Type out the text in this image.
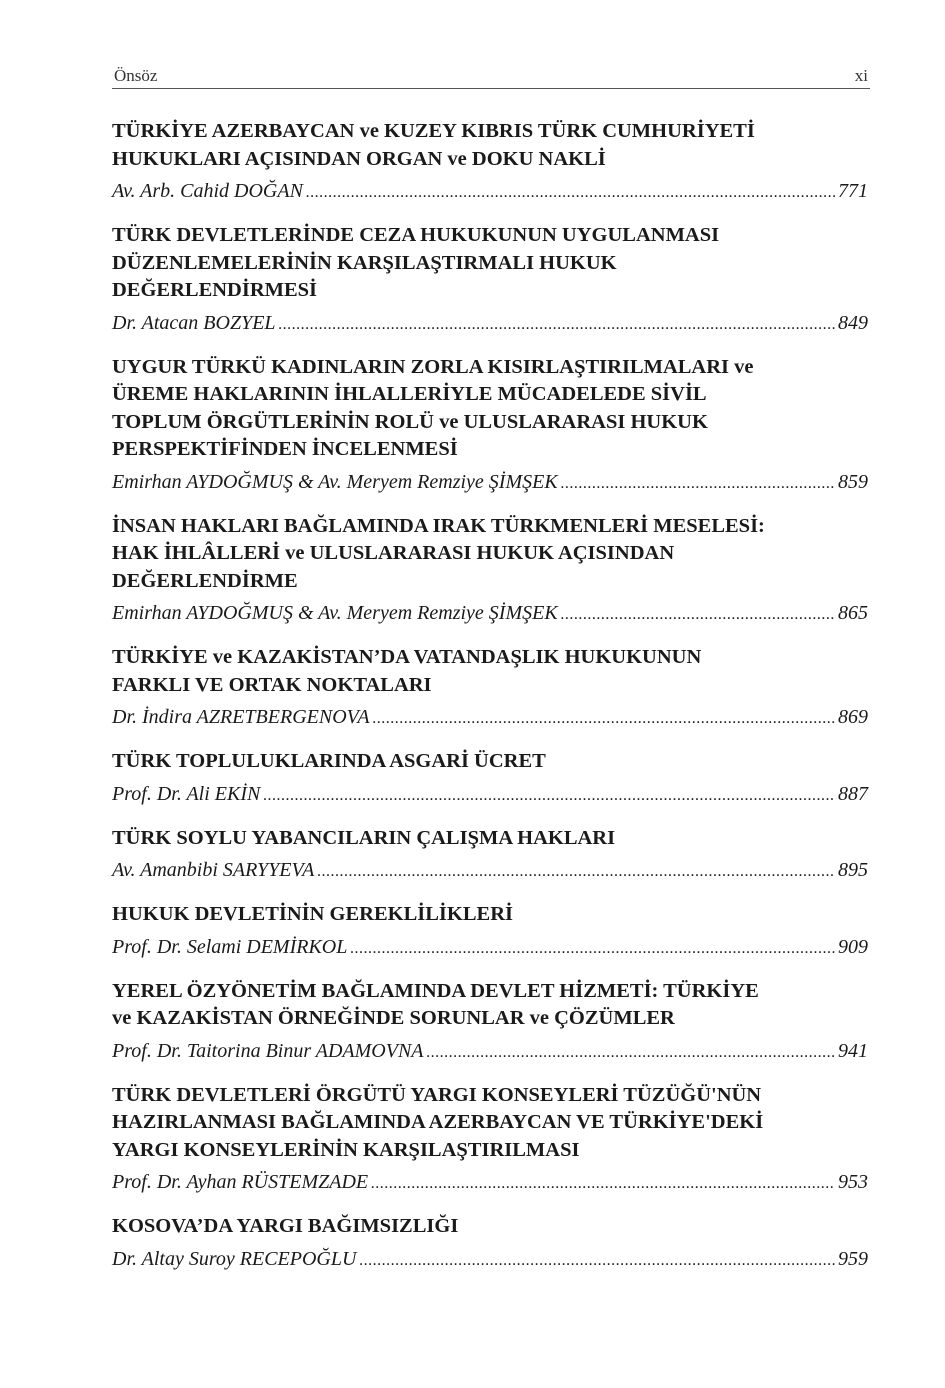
Önsöz	xi
TÜRKİYE AZERBAYCAN ve KUZEY KIBRIS TÜRK CUMHURİYETİ
HUKUKLARI AÇISINDAN ORGAN ve DOKU NAKLİ
Av. Arb. Cahid DOĞAN .....	771
TÜRK DEVLETLERİNDE CEZA HUKUKUNUN UYGULANMASI
DÜZENLEMELERİNİN KARŞILAŞTIRMALI HUKUK
DEĞERLENDİRMESİ
Dr. Atacan BOZYEL .....	849
UYGUR TÜRKÜ KADINLARIN ZORLA KISIRLAŞTIRILMALARI ve
ÜREME HAKLARININ İHLALLERİYLE MÜCADELEDE SİVİL
TOPLUM ÖRGÜTLERİNİN ROLÜ ve ULUSLARARASI HUKUK
PERSPEKTİFİNDEN İNCELENMESİ
Emirhan AYDOĞMUŞ & Av. Meryem Remziye ŞİMŞEK .....	859
İNSAN HAKLARI BAĞLAMINDA IRAK TÜRKMENLERİ MESELESİ:
HAK İHLÂLLERİ ve ULUSLARARASI HUKUK AÇISINDAN
DEĞERLENDİRME
Emirhan AYDOĞMUŞ & Av. Meryem Remziye ŞİMŞEK .....	865
TÜRKİYE ve KAZAKİSTAN’DA VATANDAŞLIK HUKUKUNUN
FARKLI VE ORTAK NOKTALARI
Dr. İndira AZRETBERGENOVA .....	869
TÜRK TOPLULUKLARINDA ASGARİ ÜCRET
Prof. Dr. Ali EKİN .....	887
TÜRK SOYLU YABANCILARIN ÇALIŞMA HAKLARI
Av. Amanbibi SARYYEVA .....	895
HUKUK DEVLETİNİN GEREKLİLİKLERİ
Prof. Dr. Selami DEMİRKOL .....	909
YEREL ÖZYÖNETİM BAĞLAMINDA DEVLET HİZMETİ: TÜRKİYE
ve KAZAKİSTAN ÖRNEĞİNDE SORUNLAR ve ÇÖZÜMLER
Prof. Dr. Taitorina Binur ADAMOVNA .....	941
TÜRK DEVLETLERİ ÖRGÜTÜ YARGI KONSEYLERİ TÜZÜĞÜ'NÜN
HAZIRLANMASI BAĞLAMINDA AZERBAYCAN VE TÜRKİYE'DEKİ
YARGI KONSEYLERİNİN KARŞILAŞTIRILMASI
Prof. Dr. Ayhan RÜSTEMZADE .....	953
KOSOVA’DA YARGI BAĞIMSIZLIĞI
Dr. Altay Suroy RECEPOĞLU .....	959
